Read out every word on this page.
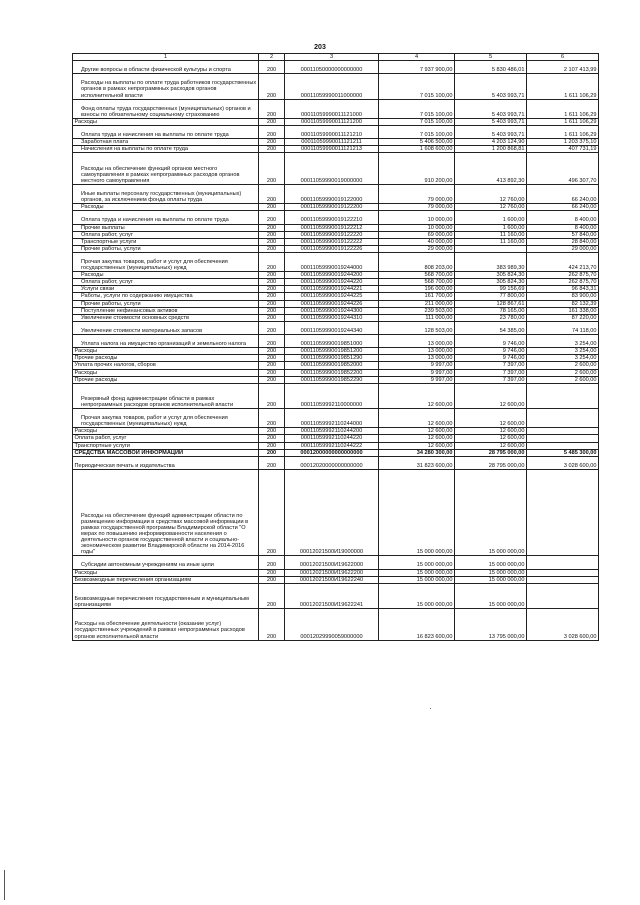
203
1	2	3	4	5	6
Другие вопросы в области физической культуры и спорта	200	00011050000000000000	7 937 900,00	5 830 486,01	2 107 413,99
Расходы на выплаты по оплате труда работников государственных органов в рамках непрограммных расходов органов исполнительной власти	200	00011059990011000000	7 015 100,00	5 403 993,71	1 611 106,29
Фонд оплаты труда государственных (муниципальных) органов и взносы по обязательному социальному страхованию	200	00011059990011121000	7 015 100,00	5 403 993,71	1 611 106,29
Расходы	200	00011059990011121200	7 015 100,00	5 403 993,71	1 611 106,29
Оплата труда и начисления на выплаты по оплате труда	200	00011059990011121210	7 015 100,00	5 403 993,71	1 611 106,29
Заработная плата	200	00011059990011121211	5 406 500,00	4 203 124,90	1 203 375,10
Начисления на выплаты по оплате труда	200	00011059990011121213	1 608 600,00	1 200 868,81	407 731,19
Расходы на обеспечение функций органов местного самоуправления в рамках непрограммных расходов органов местного самоуправления	200	00011059990019000000	910 200,00	413 892,30	496 307,70
Иные выплаты персоналу государственных (муниципальных) органов, за исключением фонда оплаты труда	200	00011059990019122000	79 000,00	12 760,00	66 240,00
Расходы	200	00011059990019122200	79 000,00	12 760,00	66 240,00
Оплата труда и начисления на выплаты по оплате труда	200	00011059990019122210	10 000,00	1 600,00	8 400,00
Прочие выплаты	200	00011059990019122212	10 000,00	1 600,00	8 400,00
Оплата работ, услуг	200	00011059990019122220	69 000,00	11 160,00	57 840,00
Транспортные услуги	200	00011059990019122222	40 000,00	11 160,00	28 840,00
Прочие работы, услуги	200	00011059990019122226	29 000,00		29 000,00
Прочая закупка товаров, работ и услуг для обеспечения государственных (муниципальных) нужд	200	00011059990019244000	808 203,00	383 989,30	424 213,70
Расходы	200	00011059990019244200	568 700,00	305 824,30	262 875,70
Оплата работ, услуг	200	00011059990019244220	568 700,00	305 824,30	262 875,70
Услуги связи	200	00011059990019244221	196 000,00	99 156,69	96 843,31
Работы, услуги по содержанию имущества	200	00011059990019244225	161 700,00	77 800,00	83 900,00
Прочие работы, услуги	200	00011059990019244226	211 000,00	128 867,61	82 132,39
Поступление нефинансовых активов	200	00011059990019244300	239 503,00	78 165,00	161 338,00
Увеличение стоимости основных средств	200	00011059990019244310	111 000,00	23 780,00	87 220,00
Увеличение стоимости материальных запасов	200	00011059990019244340	128 503,00	54 385,00	74 118,00
Уплата налога на имущество организаций и земельного налога	200	00011059990019851000	13 000,00	9 746,00	3 254,00
Расходы	200	00011059990019851200	13 000,00	9 746,00	3 254,00
Прочие расходы	200	00011059990019851290	13 000,00	9 746,00	3 254,00
Уплата прочих налогов, сборов	200	00011059990019852000	9 997,00	7 397,00	2 600,00
Расходы	200	00011059990019852200	9 997,00	7 397,00	2 600,00
Прочие расходы	200	00011059990019852290	9 997,00	7 397,00	2 600,00
Резервный фонд администрации области в рамках непрограммных расходов органов исполнительной власти	200	00011059992110000000	12 600,00	12 600,00	
Прочая закупка товаров, работ и услуг для обеспечения государственных (муниципальных) нужд	200	00011059992110244000	12 600,00	12 600,00	
Расходы	200	00011059992110244200	12 600,00	12 600,00	
Оплата работ, услуг	200	00011059992110244220	12 600,00	12 600,00	
Транспортные услуги	200	00011059992110244222	12 600,00	12 600,00	
СРЕДСТВА МАССОВОЙ ИНФОРМАЦИИ	200	00012000000000000000	34 280 300,00	28 795 000,00	5 485 300,00
Периодическая печать и издательства	200	00012020000000000000	31 823 600,00	28 795 000,00	3 028 600,00
Расходы на обеспечение функций администрации области по размещению информации в средствах массовой информации в рамках государственной программы Владимирской области "О мерах по повышению информированности населения о деятельности органов государственной власти и социально-экономическом развитии Владимирской области на 2014-2016 годы"	200	00012021500И19000000	15 000 000,00	15 000 000,00	
Субсидии автономным учреждениям на иные цели	200	00012021500И19622000	15 000 000,00	15 000 000,00	
Расходы	200	00012021500И19622200	15 000 000,00	15 000 000,00	
Безвозмездные перечисления организациям	200	00012021500И19622240	15 000 000,00	15 000 000,00	
Безвозмездные перечисления государственным и муниципальным организациям	200	00012021500И19622241	15 000 000,00	15 000 000,00	
Расходы на обеспечение деятельности (оказание услуг) государственных учреждений в рамках непрограммных расходов органов исполнительной власти	200	00012029990059000000	16 823 600,00	13 795 000,00	3 028 600,00
